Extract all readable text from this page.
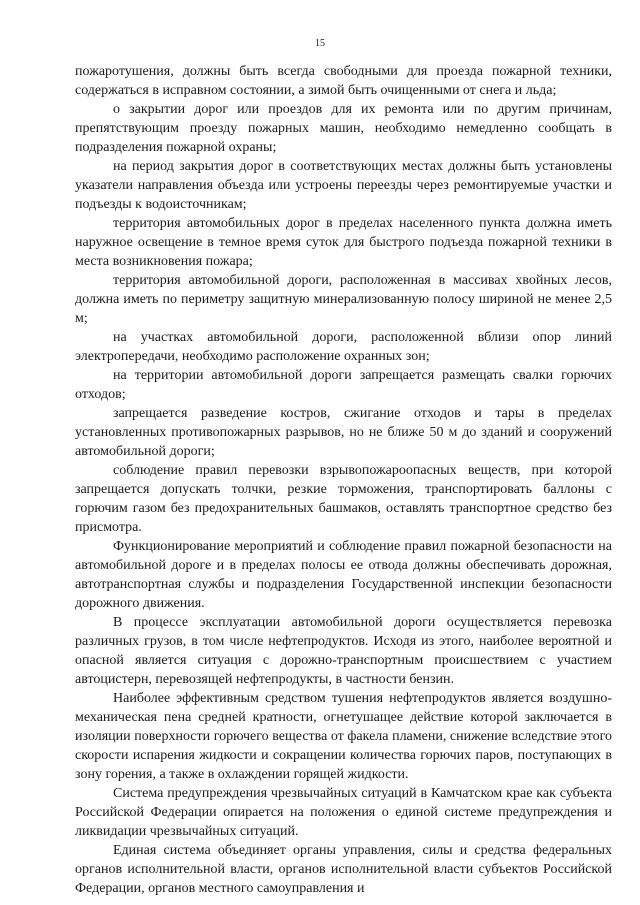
15

пожаротушения, должны быть всегда свободными для проезда пожарной техники, содержаться в исправном состоянии, а зимой быть очищенными от снега и льда;

о закрытии дорог или проездов для их ремонта или по другим причинам, препятствующим проезду пожарных машин, необходимо немедленно сообщать в подразделения пожарной охраны;

на период закрытия дорог в соответствующих местах должны быть установлены указатели направления объезда или устроены переезды через ремонтируемые участки и подъезды к водоисточникам;

территория автомобильных дорог в пределах населенного пункта должна иметь наружное освещение в темное время суток для быстрого подъезда пожарной техники в места возникновения пожара;

территория автомобильной дороги, расположенная в массивах хвойных лесов, должна иметь по периметру защитную минерализованную полосу шириной не менее 2,5 м;

на участках автомобильной дороги, расположенной вблизи опор линий электропередачи, необходимо расположение охранных зон;

на территории автомобильной дороги запрещается размещать свалки горючих отходов;

запрещается разведение костров, сжигание отходов и тары в пределах установленных противопожарных разрывов, но не ближе 50 м до зданий и сооружений автомобильной дороги;

соблюдение правил перевозки взрывопожароопасных веществ, при которой запрещается допускать толчки, резкие торможения, транспортировать баллоны с горючим газом без предохранительных башмаков, оставлять транспортное средство без присмотра.

Функционирование мероприятий и соблюдение правил пожарной безопасности на автомобильной дороге и в пределах полосы ее отвода должны обеспечивать дорожная, автотранспортная службы и подразделения Государственной инспекции безопасности дорожного движения.

В процессе эксплуатации автомобильной дороги осуществляется перевозка различных грузов, в том числе нефтепродуктов. Исходя из этого, наиболее вероятной и опасной является ситуация с дорожно-транспортным происшествием с участием автоцистерн, перевозящей нефтепродукты, в частности бензин.

Наиболее эффективным средством тушения нефтепродуктов является воздушно-механическая пена средней кратности, огнетушащее действие которой заключается в изоляции поверхности горючего вещества от факела пламени, снижение вследствие этого скорости испарения жидкости и сокращении количества горючих паров, поступающих в зону горения, а также в охлаждении горящей жидкости.

Система предупреждения чрезвычайных ситуаций в Камчатском крае как субъекта Российской Федерации опирается на положения о единой системе предупреждения и ликвидации чрезвычайных ситуаций.

Единая система объединяет органы управления, силы и средства федеральных органов исполнительной власти, органов исполнительной власти субъектов Российской Федерации, органов местного самоуправления и
